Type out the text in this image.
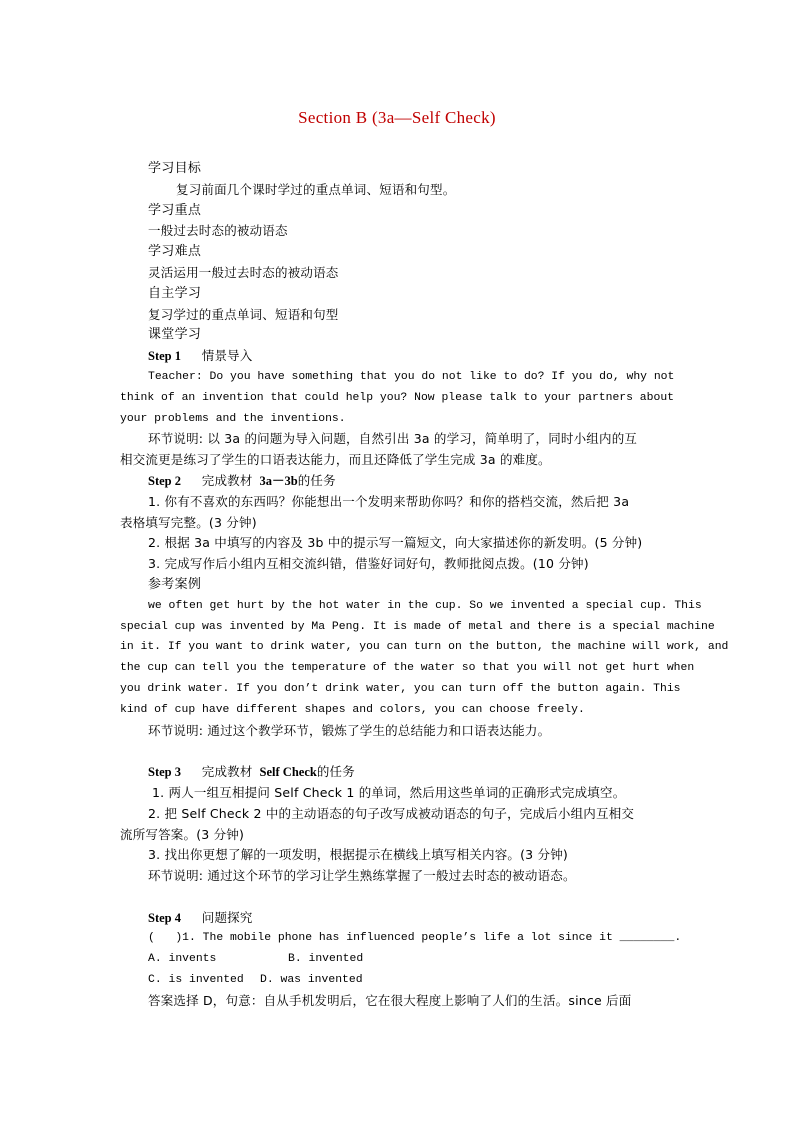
Section B (3a—Self Check)
学习目标
复习前面几个课时学过的重点单词、短语和句型。
学习重点
一般过去时态的被动语态
学习难点
灵活运用一般过去时态的被动语态
自主学习
复习学过的重点单词、短语和句型
课堂学习
Step 1 情景导入
Teacher: Do you have something that you do not like to do? If you do, why not
think of an invention that could help you? Now please talk to your partners about
your problems and the inventions.
环节说明: 以 3a 的问题为导入问题，自然引出 3a 的学习，简单明了，同时小组内的互
相交流更是练习了学生的口语表达能力，而且还降低了学生完成 3a 的难度。
Step 2 完成教材 3a－3b的任务
1. 你有不喜欢的东西吗？你能想出一个发明来帮助你吗？和你的搭档交流，然后把 3a
表格填写完整。(3 分钟)
2. 根据 3a 中填写的内容及 3b 中的提示写一篇短文，向大家描述你的新发明。(5 分钟)
3. 完成写作后小组内互相交流纠错，借鉴好词好句，教师批阅点拨。(10 分钟)
参考案例
we often get hurt by the hot water in the cup. So we invented a special cup. This
special cup was invented by Ma Peng. It is made of metal and there is a special machine
in it. If you want to drink water, you can turn on the button, the machine will work, and
the cup can tell you the temperature of the water so that you will not get hurt when
you drink water. If you don’t drink water, you can turn off the button again. This
kind of cup have different shapes and colors, you can choose freely.
环节说明: 通过这个教学环节，锻炼了学生的总结能力和口语表达能力。
Step 3 完成教材 Self Check的任务
1. 两人一组互相提问 Self Check 1 的单词，然后用这些单词的正确形式完成填空。
2. 把 Self Check 2 中的主动语态的句子改写成被动语态的句子，完成后小组内互相交
流所写答案。(3 分钟)
3. 找出你更想了解的一项发明，根据提示在横线上填写相关内容。(3 分钟)
环节说明: 通过这个环节的学习让学生熟练掌握了一般过去时态的被动语态。
Step 4 问题探究
(   )1. The mobile phone has influenced people’s life a lot since it ________.
A. invents	B. invented
C. is invented D. was invented
答案选择 D，句意：自从手机发明后，它在很大程度上影响了人们的生活。since 后面
